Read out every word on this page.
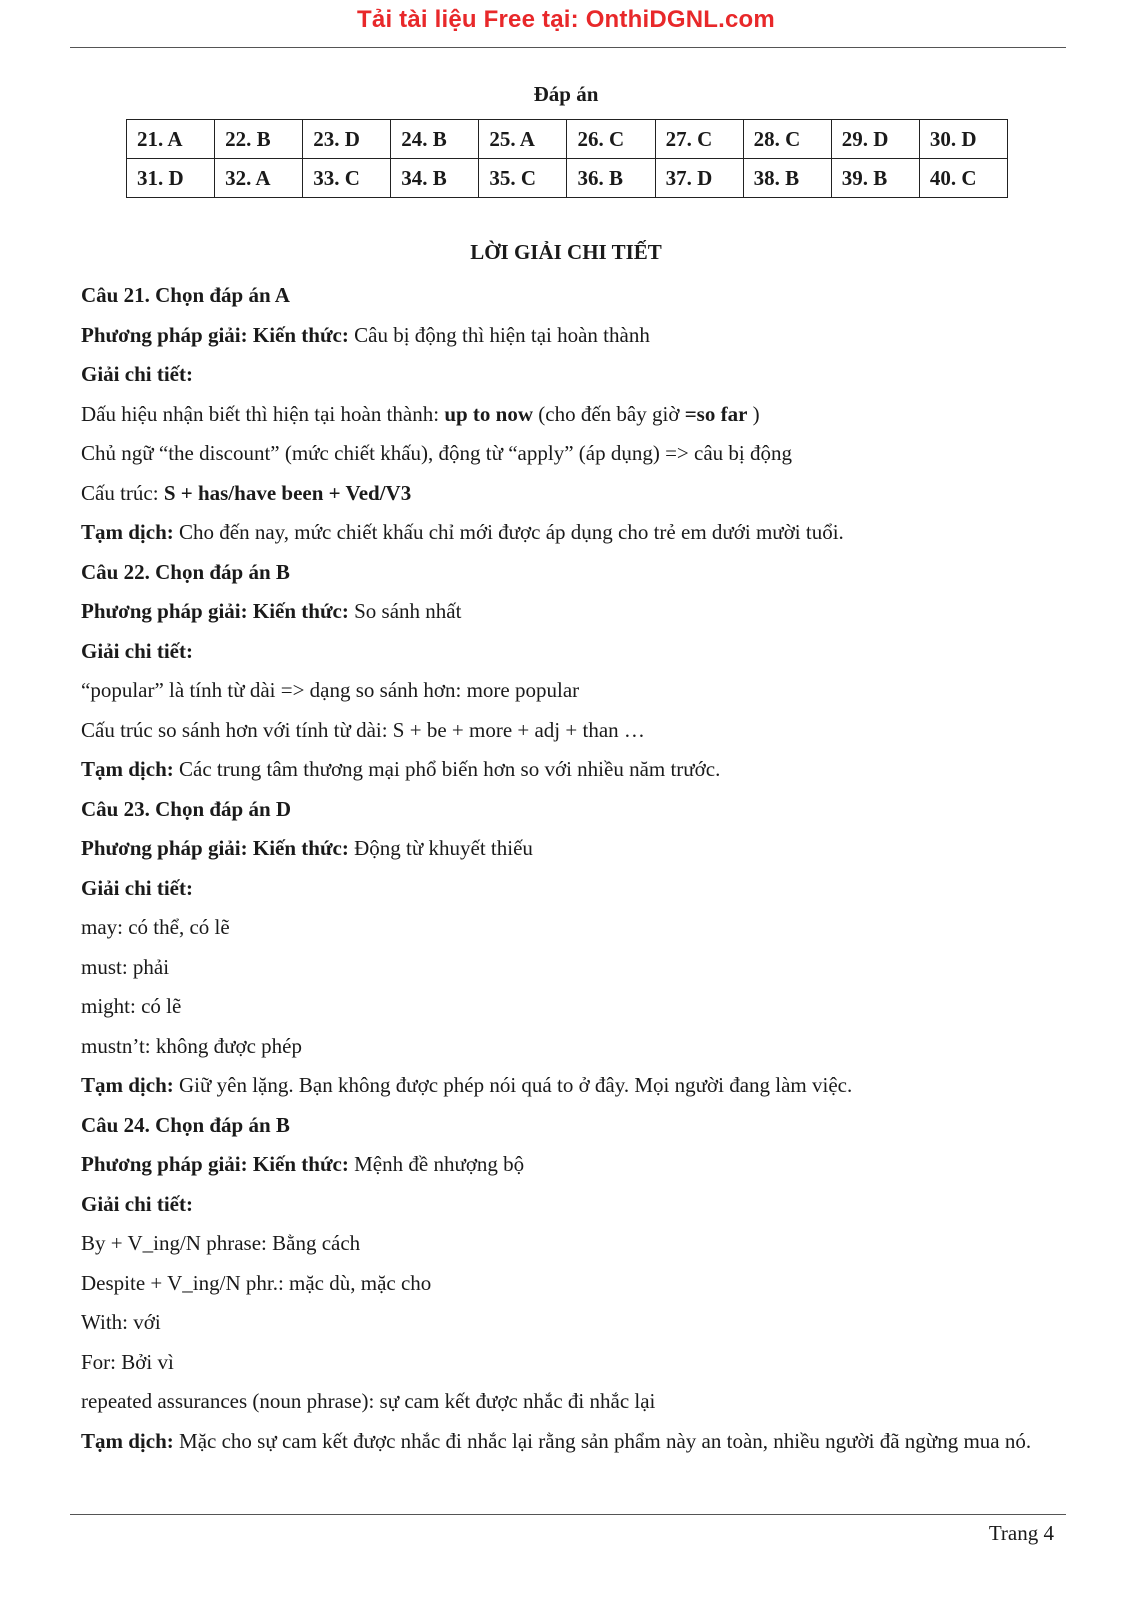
Tải tài liệu Free tại: OnthiDGNL.com
Đáp án
21. A	22. B	23. D	24. B	25. A	26. C	27. C	28. C	29. D	30. D
31. D	32. A	33. C	34. B	35. C	36. B	37. D	38. B	39. B	40. C
LỜI GIẢI CHI TIẾT
Câu 21. Chọn đáp án A
Phương pháp giải: Kiến thức: Câu bị động thì hiện tại hoàn thành
Giải chi tiết:
Dấu hiệu nhận biết thì hiện tại hoàn thành: up to now (cho đến bây giờ =so far )
Chủ ngữ “the discount” (mức chiết khấu), động từ “apply” (áp dụng) => câu bị động
Cấu trúc: S + has/have been + Ved/V3
Tạm dịch: Cho đến nay, mức chiết khấu chỉ mới được áp dụng cho trẻ em dưới mười tuổi.
Câu 22. Chọn đáp án B
Phương pháp giải: Kiến thức: So sánh nhất
Giải chi tiết:
“popular” là tính từ dài => dạng so sánh hơn: more popular
Cấu trúc so sánh hơn với tính từ dài: S + be + more + adj + than …
Tạm dịch: Các trung tâm thương mại phổ biến hơn so với nhiều năm trước.
Câu 23. Chọn đáp án D
Phương pháp giải: Kiến thức: Động từ khuyết thiếu
Giải chi tiết:
may: có thể, có lẽ
must: phải
might: có lẽ
mustn’t: không được phép
Tạm dịch: Giữ yên lặng. Bạn không được phép nói quá to ở đây. Mọi người đang làm việc.
Câu 24. Chọn đáp án B
Phương pháp giải: Kiến thức: Mệnh đề nhượng bộ
Giải chi tiết:
By + V_ing/N phrase: Bằng cách
Despite + V_ing/N phr.: mặc dù, mặc cho
With: với
For: Bởi vì
repeated assurances (noun phrase): sự cam kết được nhắc đi nhắc lại
Tạm dịch: Mặc cho sự cam kết được nhắc đi nhắc lại rằng sản phẩm này an toàn, nhiều người đã ngừng mua nó.
Trang 4
